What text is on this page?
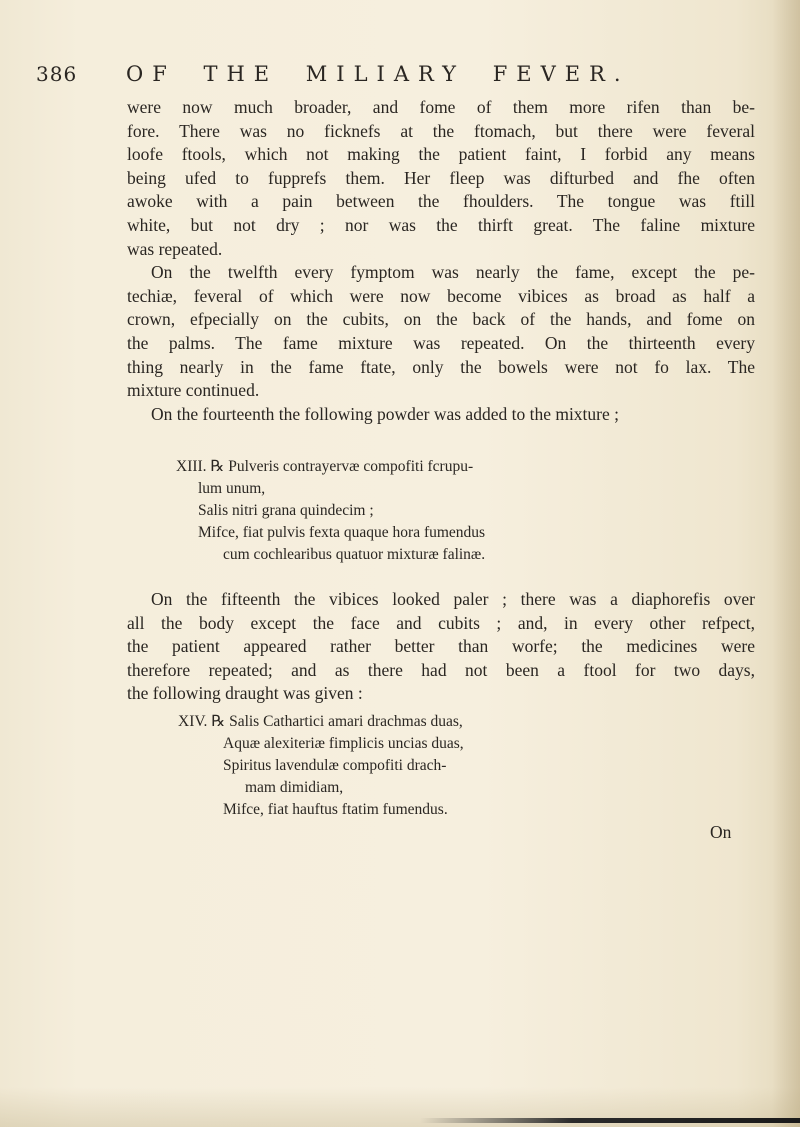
386 OF THE MILIARY FEVER.
were now much broader, and fome of them more rifen than be-
fore. There was no ficknefs at the ftomach, but there were feveral
loofe ftools, which not making the patient faint, I forbid any means
being ufed to fupprefs them. Her fleep was difturbed and fhe often
awoke with a pain between the fhoulders. The tongue was ftill
white, but not dry ; nor was the thirft great. The faline mixture
was repeated.
On the twelfth every fymptom was nearly the fame, except the pe-
techiæ, feveral of which were now become vibices as broad as half a
crown, efpecially on the cubits, on the back of the hands, and fome on
the palms. The fame mixture was repeated. On the thirteenth every
thing nearly in the fame ftate, only the bowels were not fo lax. The
mixture continued.
On the fourteenth the following powder was added to the mixture ;
XIII. ℞ Pulveris contrayervæ compofiti fcrupu-
lum unum,
Salis nitri grana quindecim ;
Mifce, fiat pulvis fexta quaque hora fumendus
cum cochlearibus quatuor mixturæ falinæ.
On the fifteenth the vibices looked paler ; there was a diaphorefis over
all the body except the face and cubits ; and, in every other refpect,
the patient appeared rather better than worfe; the medicines were
therefore repeated; and as there had not been a ftool for two days,
the following draught was given :
XIV. ℞ Salis Cathartici amari drachmas duas,
Aquæ alexiteriæ fimplicis uncias duas,
Spiritus lavendulæ compofiti drach-
mam dimidiam,
Mifce, fiat hauftus ftatim fumendus.
On
